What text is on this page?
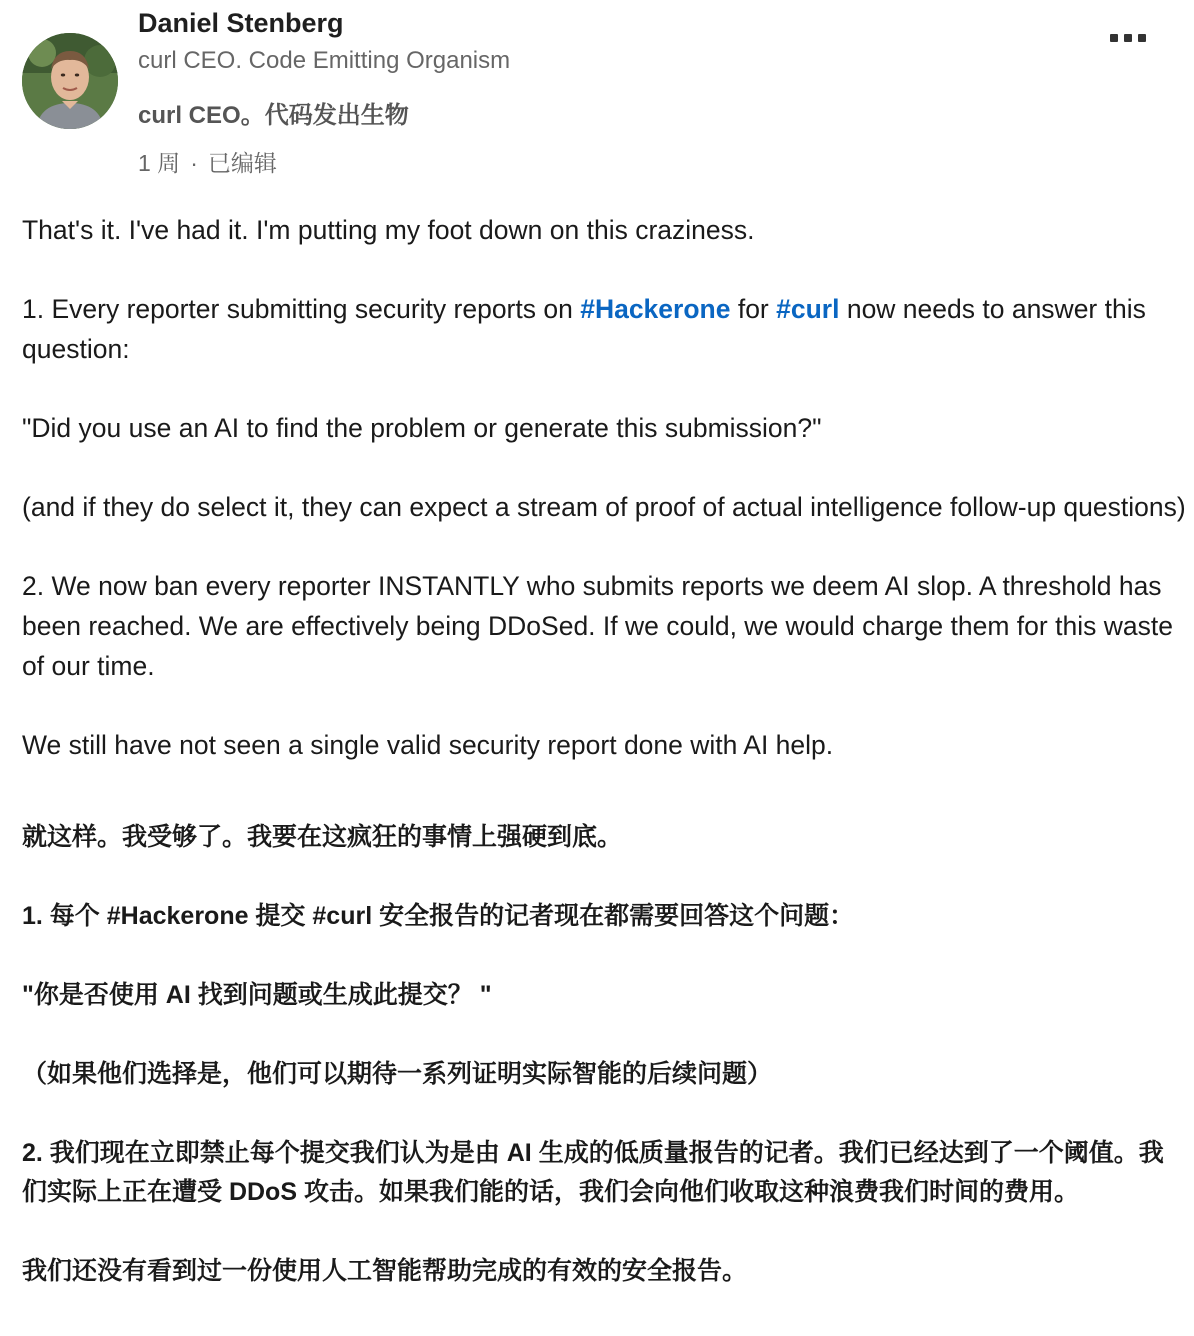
Daniel Stenberg
curl CEO. Code Emitting Organism
curl CEO。代码发出生物
1 周 · 已编辑

That's it. I've had it. I'm putting my foot down on this craziness.

1. Every reporter submitting security reports on #Hackerone for #curl now needs to answer this question:

"Did you use an AI to find the problem or generate this submission?"

(and if they do select it, they can expect a stream of proof of actual intelligence follow-up questions)

2. We now ban every reporter INSTANTLY who submits reports we deem AI slop. A threshold has been reached. We are effectively being DDoSed. If we could, we would charge them for this waste of our time.

We still have not seen a single valid security report done with AI help.

就这样。我受够了。我要在这疯狂的事情上强硬到底。

1. 每个 #Hackerone 提交 #curl 安全报告的记者现在都需要回答这个问题：

"你是否使用 AI 找到问题或生成此提交？ "

（如果他们选择是，他们可以期待一系列证明实际智能的后续问题）

2. 我们现在立即禁止每个提交我们认为是由 AI 生成的低质量报告的记者。我们已经达到了一个阈值。我们实际上正在遭受 DDoS 攻击。如果我们能的话，我们会向他们收取这种浪费我们时间的费用。

我们还没有看到过一份使用人工智能帮助完成的有效的安全报告。
